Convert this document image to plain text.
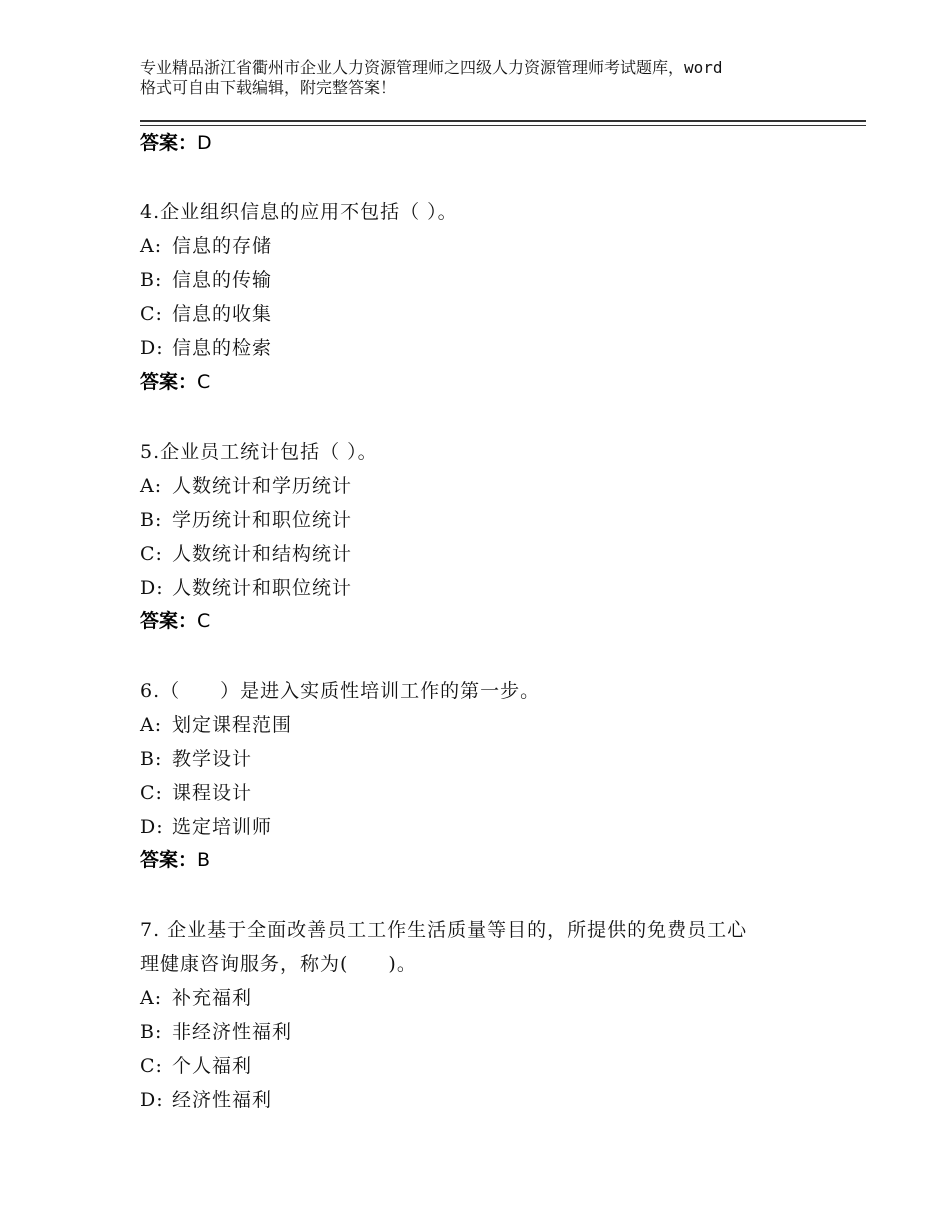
专业精品浙江省衢州市企业人力资源管理师之四级人力资源管理师考试题库，word
格式可自由下载编辑，附完整答案！
答案：D
4.企业组织信息的应用不包括（ ）。
A: 信息的存储
B: 信息的传输
C: 信息的收集
D: 信息的检索
答案：C
5.企业员工统计包括（ ）。
A: 人数统计和学历统计
B: 学历统计和职位统计
C: 人数统计和结构统计
D: 人数统计和职位统计
答案：C
6.（　　）是进入实质性培训工作的第一步。
A: 划定课程范围
B: 教学设计
C: 课程设计
D: 选定培训师
答案：B
7. 企业基于全面改善员工工作生活质量等目的，所提供的免费员工心
理健康咨询服务，称为(　　)。
A: 补充福利
B: 非经济性福利
C: 个人福利
D: 经济性福利
